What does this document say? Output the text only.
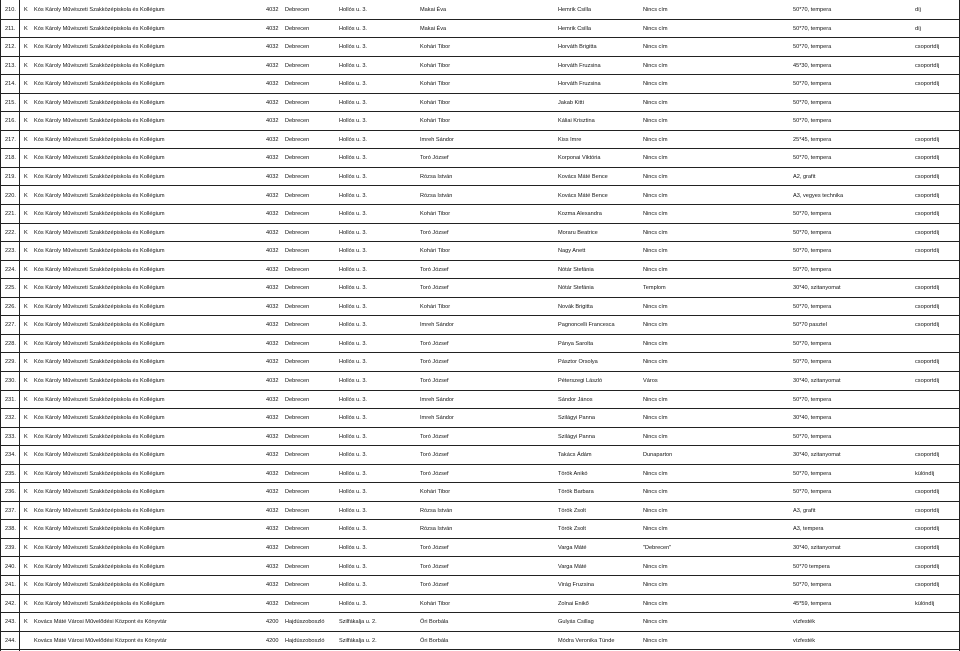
210.	K	Kós Károly Művészeti Szakközépiskola és Kollégium	4032	Debrecen	Hollós u. 3.	Makai Éva	Hemrik Csilla	Nincs cím	50*70, tempera	díj
211.	K	Kós Károly Művészeti Szakközépiskola és Kollégium	4032	Debrecen	Hollós u. 3.	Makai Éva	Hemrik Csilla	Nincs cím	50*70, tempera	díj
212.	K	Kós Károly Művészeti Szakközépiskola és Kollégium	4032	Debrecen	Hollós u. 3.	Kohári Tibor	Horváth Brigitta	Nincs cím	50*70, tempera	csoportdíj
213.	K	Kós Károly Művészeti Szakközépiskola és Kollégium	4032	Debrecen	Hollós u. 3.	Kohári Tibor	Horváth Fruzsina	Nincs cím	45*30, tempera	csoportdíj
214.	K	Kós Károly Művészeti Szakközépiskola és Kollégium	4032	Debrecen	Hollós u. 3.	Kohári Tibor	Horváth Fruzsina	Nincs cím	50*70, tempera	csoportdíj
215.	K	Kós Károly Művészeti Szakközépiskola és Kollégium	4032	Debrecen	Hollós u. 3.	Kohári Tibor	Jakab Kitti	Nincs cím	50*70, tempera
216.	K	Kós Károly Művészeti Szakközépiskola és Kollégium	4032	Debrecen	Hollós u. 3.	Kohári Tibor	Káliai Krisztina	Nincs cím	50*70, tempera
217.	K	Kós Károly Művészeti Szakközépiskola és Kollégium	4032	Debrecen	Hollós u. 3.	Imreh Sándor	Kiss Imre	Nincs cím	25*45, tempera	csoportdíj
218.	K	Kós Károly Művészeti Szakközépiskola és Kollégium	4032	Debrecen	Hollós u. 3.	Toró József	Korponai Viktória	Nincs cím	50*70, tempera	csoportdíj
219.	K	Kós Károly Művészeti Szakközépiskola és Kollégium	4032	Debrecen	Hollós u. 3.	Rózsa István	Kovács Máté Bence	Nincs cím	A2, grafit	csoportdíj
220.	K	Kós Károly Művészeti Szakközépiskola és Kollégium	4032	Debrecen	Hollós u. 3.	Rózsa István	Kovács Máté Bence	Nincs cím	A3, vegyes technika	csoportdíj
221.	K	Kós Károly Művészeti Szakközépiskola és Kollégium	4032	Debrecen	Hollós u. 3.	Kohári Tibor	Kozma Alexandra	Nincs cím	50*70, tempera	csoportdíj
222.	K	Kós Károly Művészeti Szakközépiskola és Kollégium	4032	Debrecen	Hollós u. 3.	Toró József	Moraru Beatrice	Nincs cím	50*70, tempera	csoportdíj
223.	K	Kós Károly Művészeti Szakközépiskola és Kollégium	4032	Debrecen	Hollós u. 3.	Kohári Tibor	Nagy Anett	Nincs cím	50*70, tempera	csoportdíj
224.	K	Kós Károly Művészeti Szakközépiskola és Kollégium	4032	Debrecen	Hollós u. 3.	Toró József	Nótár Stefánia	Nincs cím	50*70, tempera
225.	K	Kós Károly Művészeti Szakközépiskola és Kollégium	4032	Debrecen	Hollós u. 3.	Toró József	Nótár Stefánia	Templom	30*40, szitanyomat	csoportdíj
226.	K	Kós Károly Művészeti Szakközépiskola és Kollégium	4032	Debrecen	Hollós u. 3.	Kohári Tibor	Novák Brigitta	Nincs cím	50*70, tempera	csoportdíj
227.	K	Kós Károly Művészeti Szakközépiskola és Kollégium	4032	Debrecen	Hollós u. 3.	Imreh Sándor	Pagnoncelli Francesca	Nincs cím	50*70 pasztel	csoportdíj
228.	K	Kós Károly Művészeti Szakközépiskola és Kollégium	4032	Debrecen	Hollós u. 3.	Toró József	Pánya Sarolta	Nincs cím	50*70, tempera
229.	K	Kós Károly Művészeti Szakközépiskola és Kollégium	4032	Debrecen	Hollós u. 3.	Toró József	Pásztor Orsolya	Nincs cím	50*70, tempera	csoportdíj
230.	K	Kós Károly Művészeti Szakközépiskola és Kollégium	4032	Debrecen	Hollós u. 3.	Toró József	Péterszegi László	Város	30*40, szitanyomat	csoportdíj
231.	K	Kós Károly Művészeti Szakközépiskola és Kollégium	4032	Debrecen	Hollós u. 3.	Imreh Sándor	Sándor János	Nincs cím	50*70, tempera
232.	K	Kós Károly Művészeti Szakközépiskola és Kollégium	4032	Debrecen	Hollós u. 3.	Imreh Sándor	Szilágyi Panna	Nincs cím	30*40, tempera
233.	K	Kós Károly Művészeti Szakközépiskola és Kollégium	4032	Debrecen	Hollós u. 3.	Toró József	Szilágyi Panna	Nincs cím	50*70, tempera
234.	K	Kós Károly Művészeti Szakközépiskola és Kollégium	4032	Debrecen	Hollós u. 3.	Toró József	Takács Ádám	Dunaparton	30*40, szitanyomat	csoportdíj
235.	K	Kós Károly Művészeti Szakközépiskola és Kollégium	4032	Debrecen	Hollós u. 3.	Toró József	Török Anikó	Nincs cím	50*70, tempera	különdíj
236.	K	Kós Károly Művészeti Szakközépiskola és Kollégium	4032	Debrecen	Hollós u. 3.	Kohári Tibor	Török Barbara	Nincs cím	50*70, tempera	csoportdíj
237.	K	Kós Károly Művészeti Szakközépiskola és Kollégium	4032	Debrecen	Hollós u. 3.	Rózsa István	Török Zsolt	Nincs cím	A3, grafit	csoportdíj
238.	K	Kós Károly Művészeti Szakközépiskola és Kollégium	4032	Debrecen	Hollós u. 3.	Rózsa István	Török Zsolt	Nincs cím	A3, tempera	csoportdíj
239.	K	Kós Károly Művészeti Szakközépiskola és Kollégium	4032	Debrecen	Hollós u. 3.	Toró József	Varga Máté	"Debrecen"	30*40, szitanyomat	csoportdíj
240.	K	Kós Károly Művészeti Szakközépiskola és Kollégium	4032	Debrecen	Hollós u. 3.	Toró József	Varga Máté	Nincs cím	50*70 tempera	csoportdíj
241.	K	Kós Károly Művészeti Szakközépiskola és Kollégium	4032	Debrecen	Hollós u. 3.	Toró József	Virág Fruzsina	Nincs cím	50*70, tempera	csoportdíj
242.	K	Kós Károly Művészeti Szakközépiskola és Kollégium	4032	Debrecen	Hollós u. 3.	Kohári Tibor	Zolnai Enikő	Nincs cím	45*59, tempera	különdíj
243.	K	Kovács Máté Városi Művelődési Központ és Könyvtár	4200	Hajdúszoboszló	Szilfákalja u. 2.	Őri Borbála	Gulyás Csillag	Nincs cím	vízfesték
244.	Kovács Máté Városi Művelődési Központ és Könyvtár	4200	Hajdúszoboszló	Szilfákalja u. 2.	Őri Borbála	Módra Veronika Tünde	Nincs cím	vízfesték
